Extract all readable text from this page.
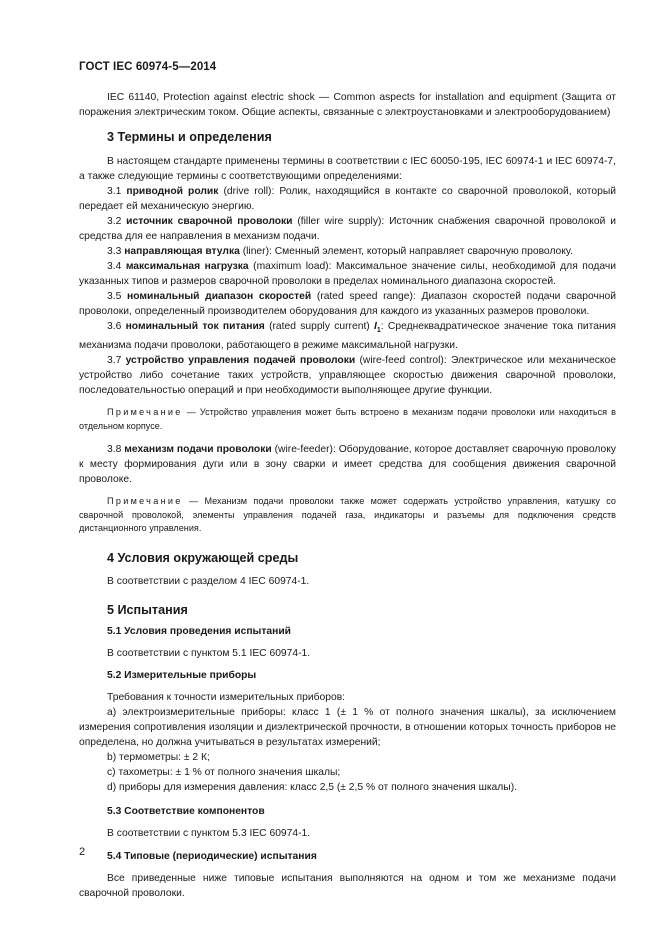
ГОСТ IEC 60974-5—2014

IEC 61140, Protection against electric shock — Common aspects for installation and equipment (Защита от поражения электрическим током. Общие аспекты, связанные с электроустановками и электрооборудованием)

3 Термины и определения

В настоящем стандарте применены термины в соответствии с IEC 60050-195, IEC 60974-1 и IEC 60974-7, а также следующие термины с соответствующими определениями:

3.1 приводной ролик (drive roll): Ролик, находящийся в контакте со сварочной проволокой, который передает ей механическую энергию.

3.2 источник сварочной проволоки (filler wire supply): Источник снабжения сварочной проволокой и средства для ее направления в механизм подачи.

3.3 направляющая втулка (liner): Сменный элемент, который направляет сварочную проволоку.

3.4 максимальная нагрузка (maximum load): Максимальное значение силы, необходимой для подачи указанных типов и размеров сварочной проволоки в пределах номинального диапазона скоростей.

3.5 номинальный диапазон скоростей (rated speed range): Диапазон скоростей подачи сварочной проволоки, определенный производителем оборудования для каждого из указанных размеров проволоки.

3.6 номинальный ток питания (rated supply current) $I_1$: Среднеквадратическое значение тока питания механизма подачи проволоки, работающего в режиме максимальной нагрузки.

3.7 устройство управления подачей проволоки (wire-feed control): Электрическое или механическое устройство либо сочетание таких устройств, управляющее скоростью движения сварочной проволоки, последовательностью операций и при необходимости выполняющее другие функции.

Примечание — Устройство управления может быть встроено в механизм подачи проволоки или находиться в отдельном корпусе.

3.8 механизм подачи проволоки (wire-feeder): Оборудование, которое доставляет сварочную проволоку к месту формирования дуги или в зону сварки и имеет средства для сообщения движения сварочной проволоке.

Примечание — Механизм подачи проволоки также может содержать устройство управления, катушку со сварочной проволокой, элементы управления подачей газа, индикаторы и разъемы для подключения средств дистанционного управления.

4 Условия окружающей среды

В соответствии с разделом 4 IEC 60974-1.

5 Испытания

5.1 Условия проведения испытаний

В соответствии с пунктом 5.1 IEC 60974-1.

5.2 Измерительные приборы

Требования к точности измерительных приборов:

a) электроизмерительные приборы: класс 1 (± 1 % от полного значения шкалы), за исключением измерения сопротивления изоляции и диэлектрической прочности, в отношении которых точность приборов не определена, но должна учитываться в результатах измерений;

b) термометры: ± 2 К;

c) тахометры: ± 1 % от полного значения шкалы;

d) приборы для измерения давления: класс 2,5 (± 2,5 % от полного значения шкалы).

5.3 Соответствие компонентов

В соответствии с пунктом 5.3 IEC 60974-1.

5.4 Типовые (периодические) испытания

Все приведенные ниже типовые испытания выполняются на одном и том же механизме подачи сварочной проволоки.

2
